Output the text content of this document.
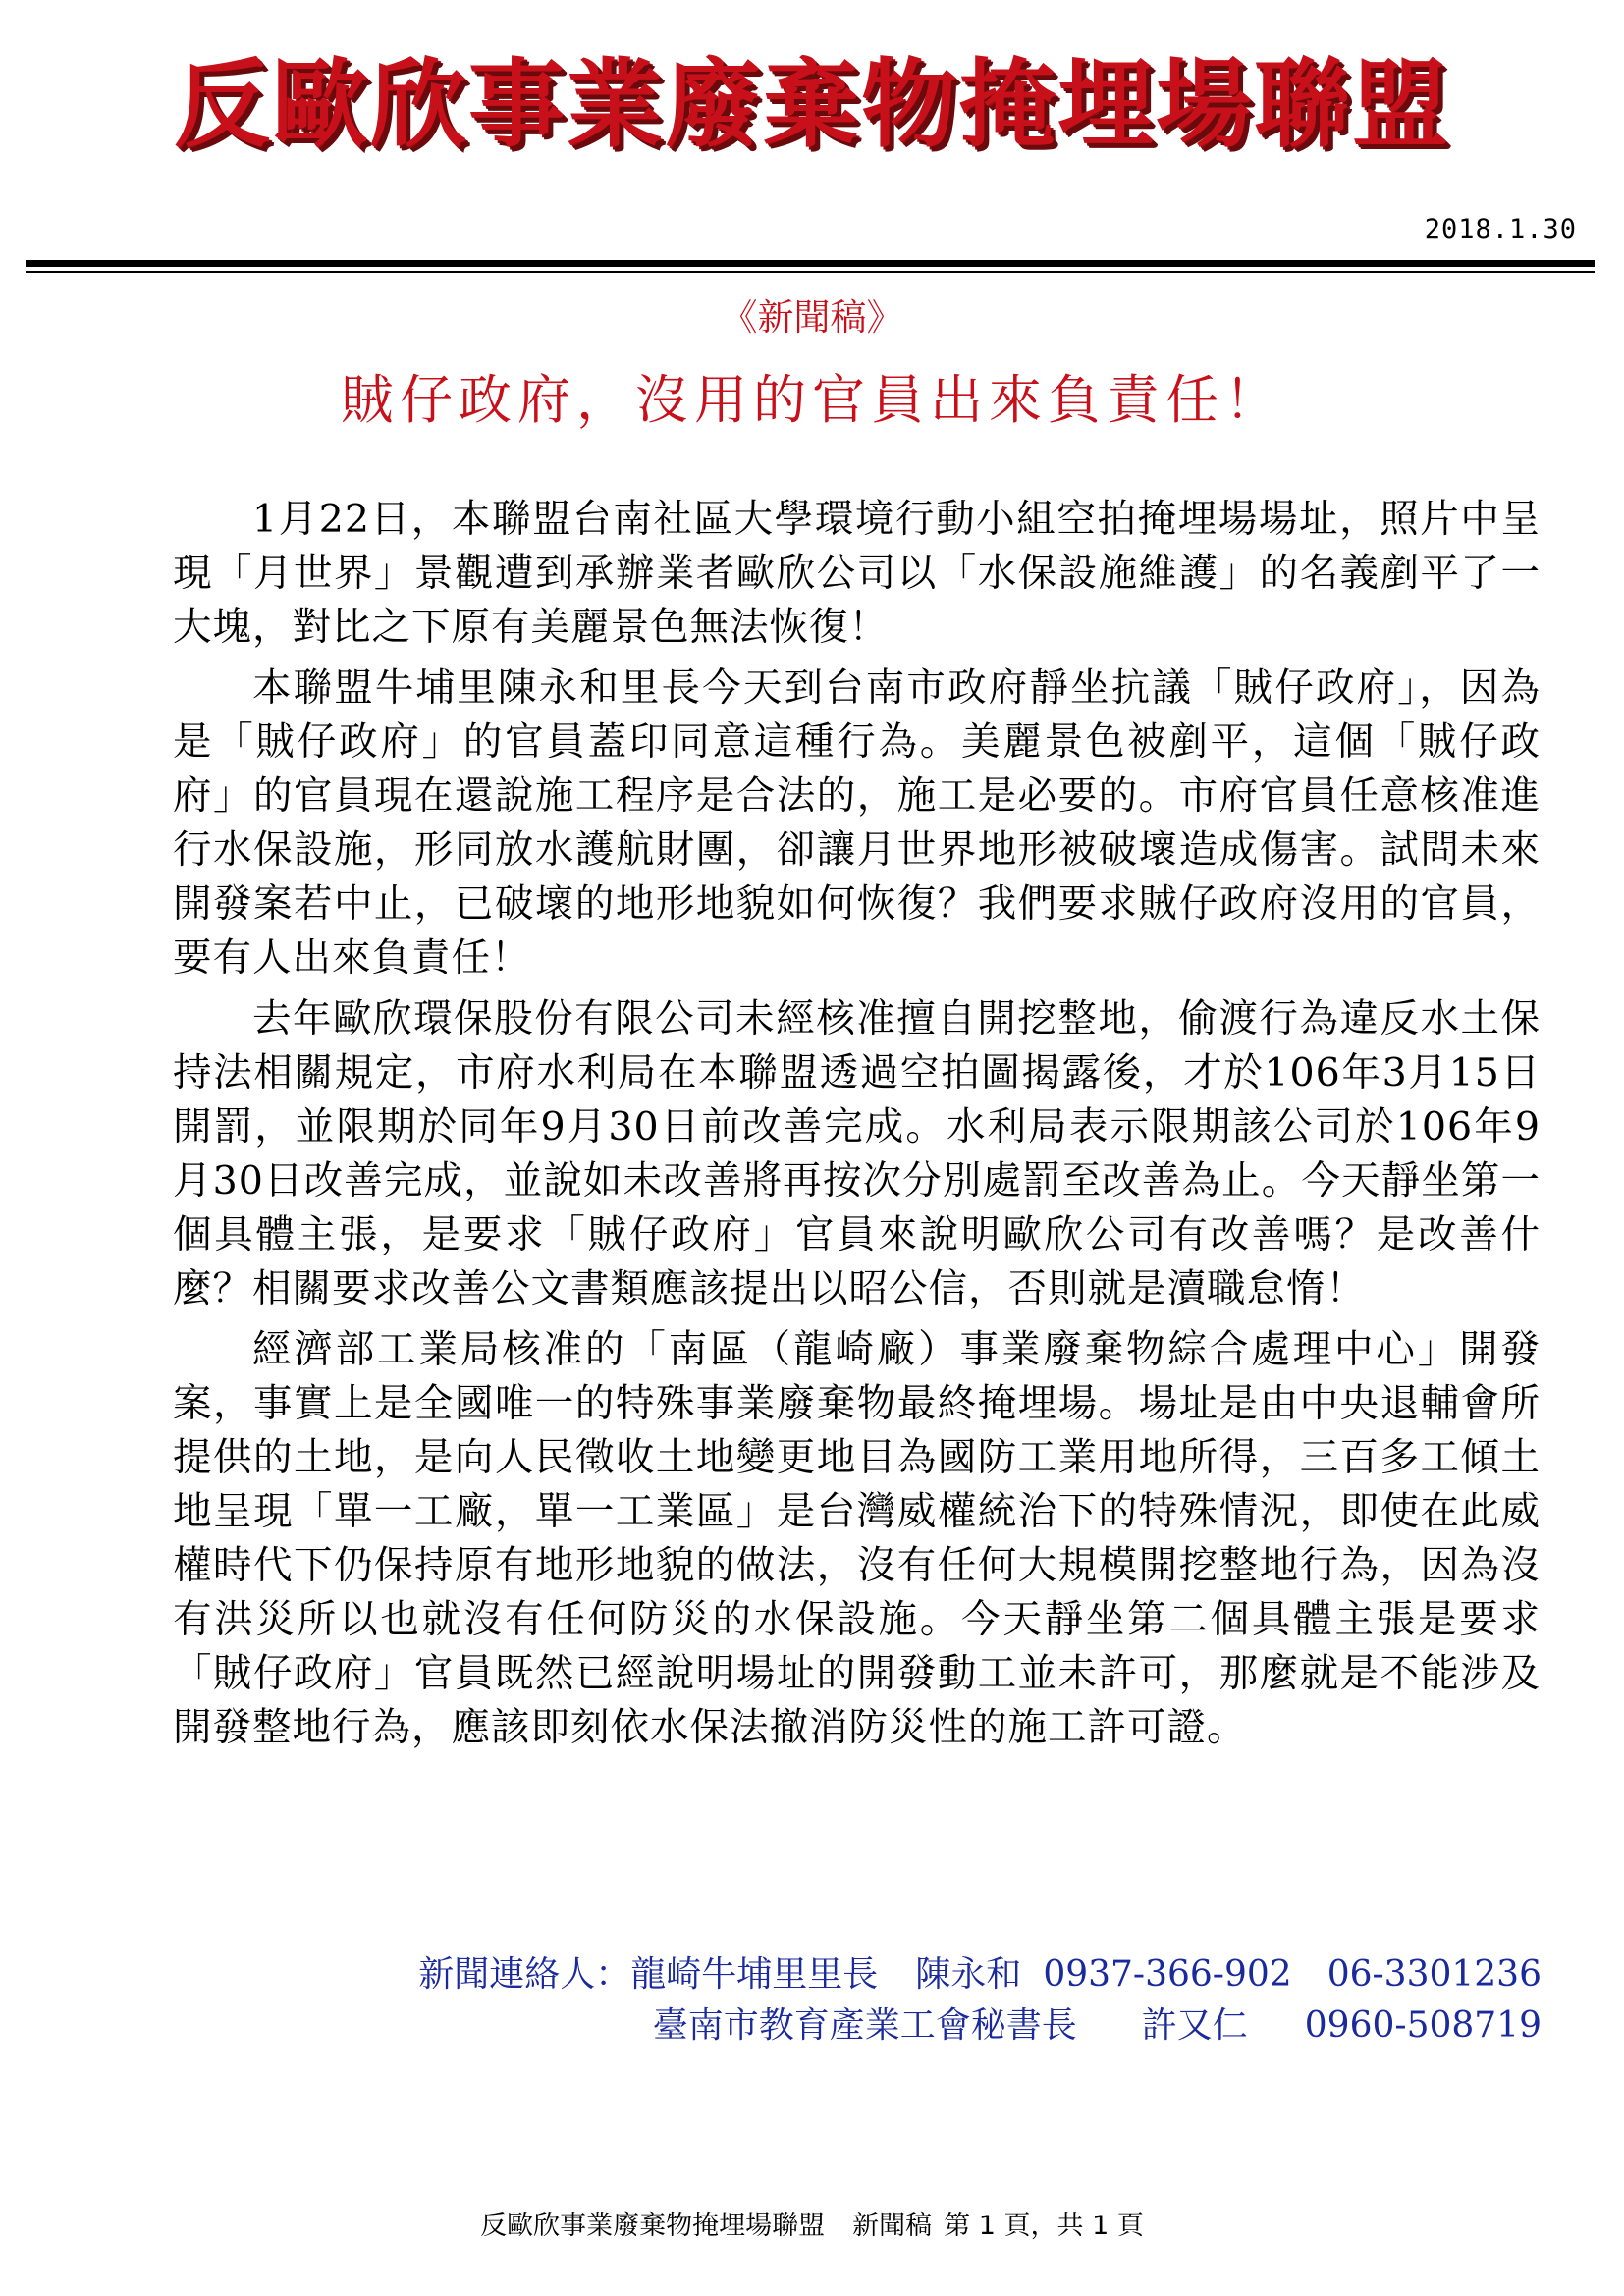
反歐欣事業廢棄物掩埋場聯盟
2018.1.30
《新聞稿》
賊仔政府，沒用的官員出來負責任！

1月22日，本聯盟台南社區大學環境行動小組空拍掩埋場場址，照片中呈現「月世界」景觀遭到承辦業者歐欣公司以「水保設施維護」的名義剷平了一大塊，對比之下原有美麗景色無法恢復！

本聯盟牛埔里陳永和里長今天到台南市政府靜坐抗議「賊仔政府」，因為是「賊仔政府」的官員蓋印同意這種行為。美麗景色被剷平，這個「賊仔政府」的官員現在還說施工程序是合法的，施工是必要的。市府官員任意核准進行水保設施，形同放水護航財團，卻讓月世界地形被破壞造成傷害。試問未來開發案若中止，已破壞的地形地貌如何恢復？我們要求賊仔政府沒用的官員，要有人出來負責任！

去年歐欣環保股份有限公司未經核准擅自開挖整地，偷渡行為違反水土保持法相關規定，市府水利局在本聯盟透過空拍圖揭露後，才於106年3月15日開罰，並限期於同年9月30日前改善完成。水利局表示限期該公司於106年9月30日改善完成，並說如未改善將再按次分別處罰至改善為止。今天靜坐第一個具體主張，是要求「賊仔政府」官員來說明歐欣公司有改善嗎？是改善什麼？相關要求改善公文書類應該提出以昭公信，否則就是瀆職怠惰！

經濟部工業局核准的「南區（龍崎廠）事業廢棄物綜合處理中心」開發案，事實上是全國唯一的特殊事業廢棄物最終掩埋場。場址是由中央退輔會所提供的土地，是向人民徵收土地變更地目為國防工業用地所得，三百多工傾土地呈現「單一工廠，單一工業區」是台灣威權統治下的特殊情況，即使在此威權時代下仍保持原有地形地貌的做法，沒有任何大規模開挖整地行為，因為沒有洪災所以也就沒有任何防災的水保設施。今天靜坐第二個具體主張是要求「賊仔政府」官員既然已經說明場址的開發動工並未許可，那麼就是不能涉及開發整地行為，應該即刻依水保法撤消防災性的施工許可證。

新聞連絡人：龍崎牛埔里里長 陳永和 0937-366-902 06-3301236
臺南市教育產業工會秘書長 許又仁 0960-508719
反歐欣事業廢棄物掩埋場聯盟 新聞稿 第 1 頁，共 1 頁
